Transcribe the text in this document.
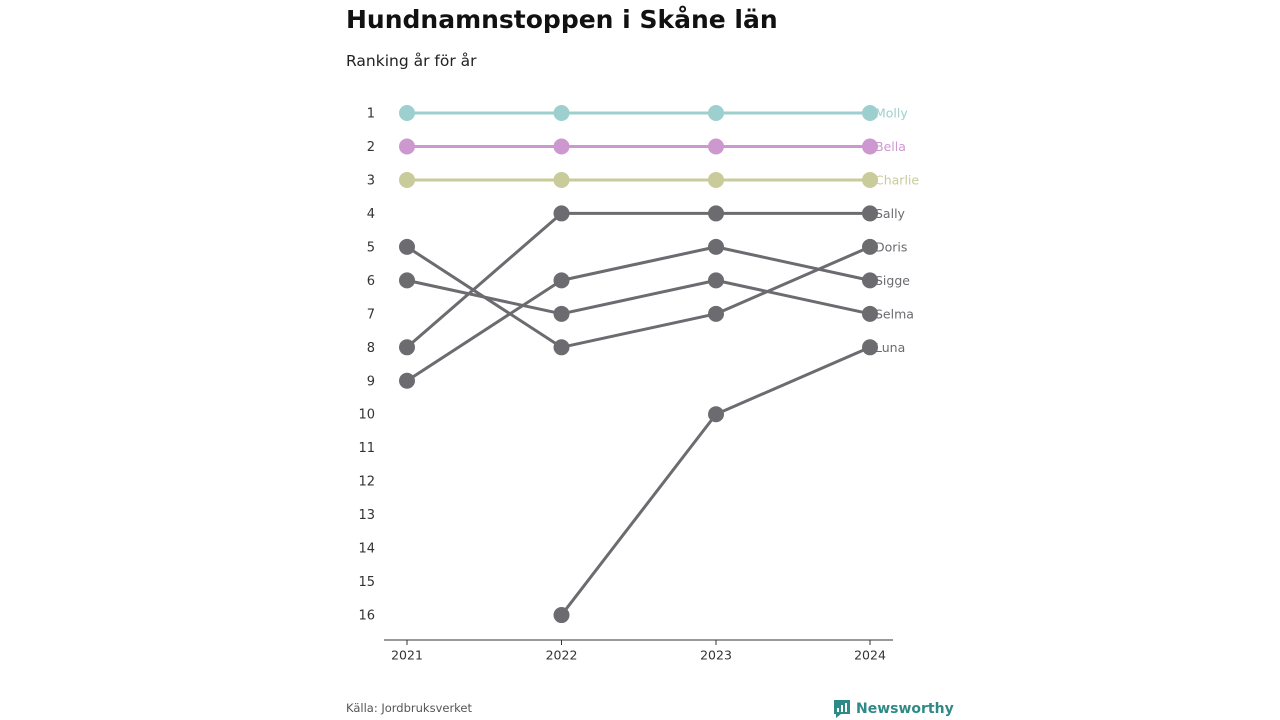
Hundnamnstoppen i Skåne län

Ranking år för år

1
2
3
4
5
6
7
8
9
10
11
12
13
14
15
16
Sally
Doris
Sigge
Selma
Luna
Molly
Bella
Charlie
2021	2022	2023	2024
Källa: Jordbruksverket	Newsworthy
